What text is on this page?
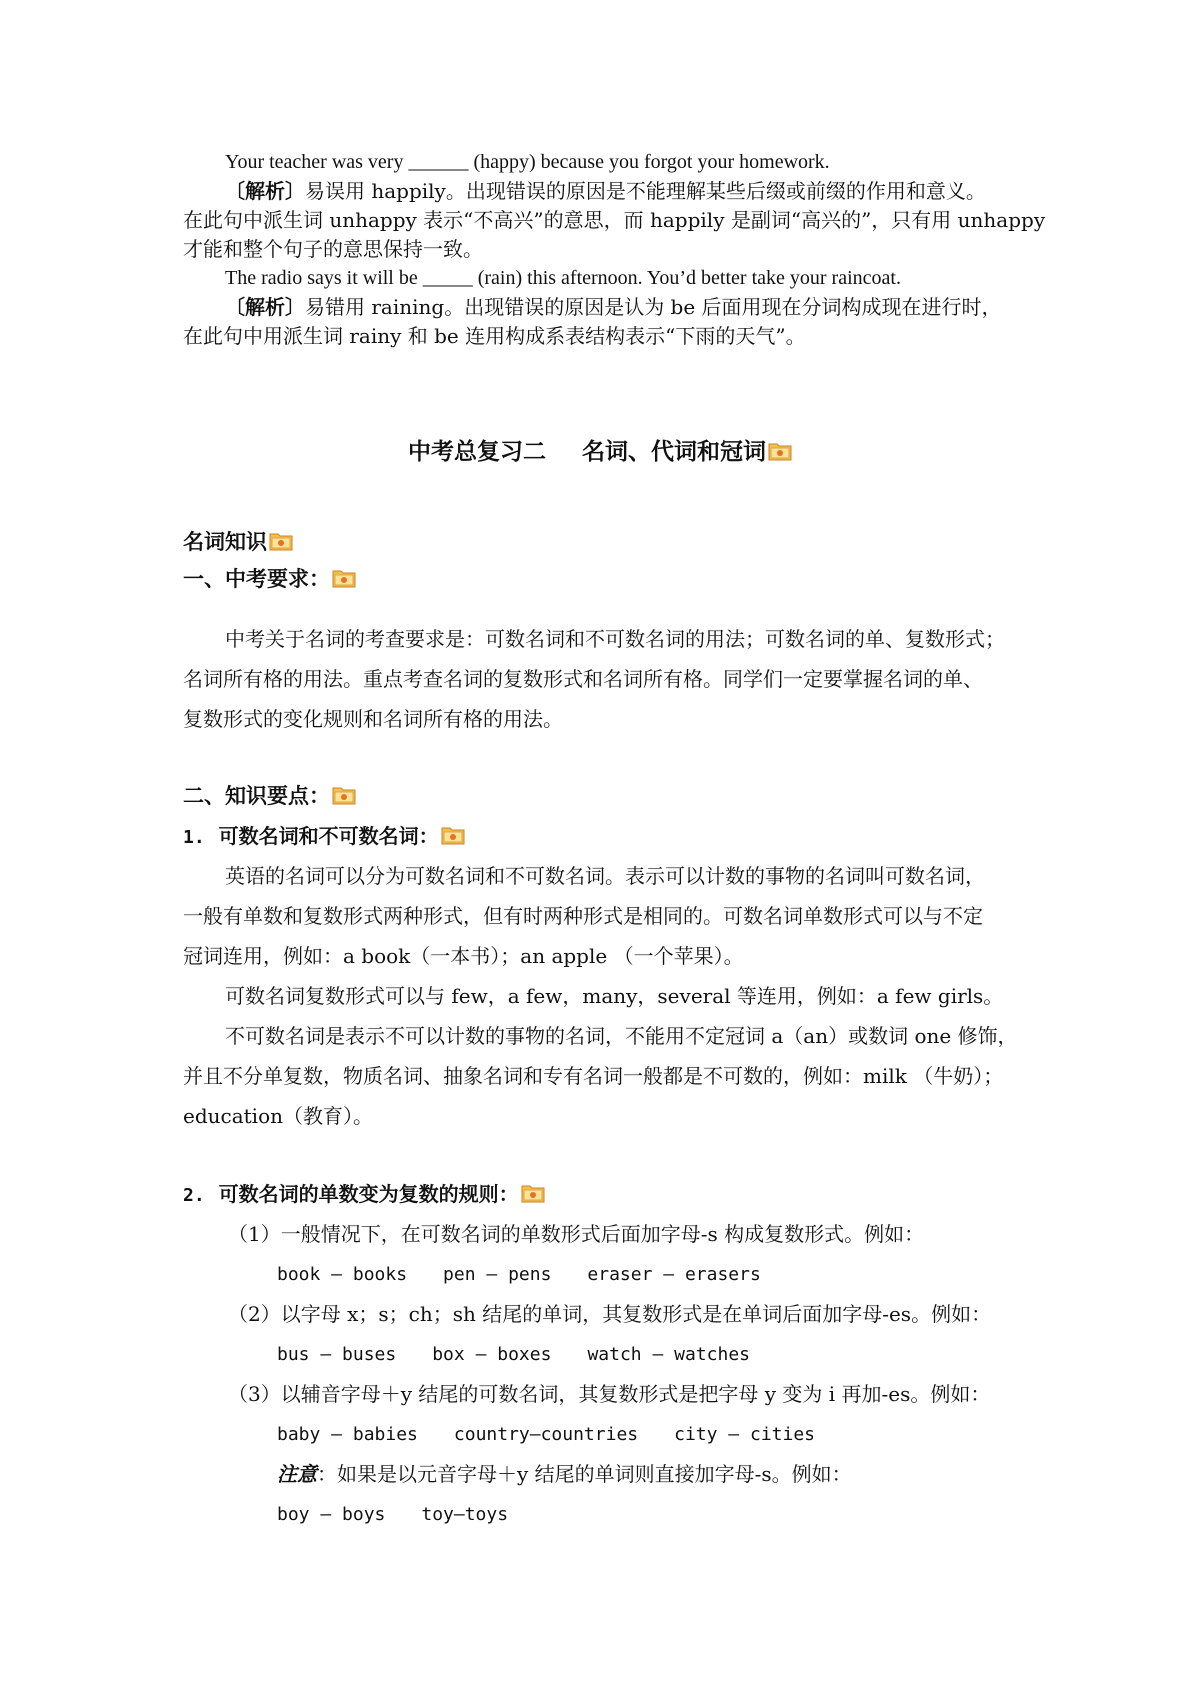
Your teacher was very ______ (happy) because you forgot your homework.
〔解析〕易误用 happily。出现错误的原因是不能理解某些后缀或前缀的作用和意义。
在此句中派生词 unhappy 表示“不高兴”的意思，而 happily 是副词“高兴的”，只有用 unhappy
才能和整个句子的意思保持一致。
The radio says it will be _____ (rain) this afternoon. You’d better take your raincoat.
〔解析〕易错用 raining。出现错误的原因是认为 be 后面用现在分词构成现在进行时，
在此句中用派生词 rainy 和 be 连用构成系表结构表示“下雨的天气”。
中考总复习二 名词、代词和冠词
名词知识
一、中考要求：
中考关于名词的考查要求是：可数名词和不可数名词的用法；可数名词的单、复数形式；
名词所有格的用法。重点考查名词的复数形式和名词所有格。同学们一定要掌握名词的单、
复数形式的变化规则和名词所有格的用法。
二、知识要点：
1. 可数名词和不可数名词：
英语的名词可以分为可数名词和不可数名词。表示可以计数的事物的名词叫可数名词，
一般有单数和复数形式两种形式，但有时两种形式是相同的。可数名词单数形式可以与不定
冠词连用，例如：a book（一本书）；an apple （一个苹果）。
可数名词复数形式可以与 few，a few，many，several 等连用，例如：a few girls。
不可数名词是表示不可以计数的事物的名词，不能用不定冠词 a（an）或数词 one 修饰，
并且不分单复数，物质名词、抽象名词和专有名词一般都是不可数的，例如：milk （牛奶）；
education（教育）。
2. 可数名词的单数变为复数的规则：
（1）一般情况下，在可数名词的单数形式后面加字母-s 构成复数形式。例如：
book — books pen — pens eraser — erasers
（2）以字母 x；s；ch；sh 结尾的单词，其复数形式是在单词后面加字母-es。例如：
bus — buses box — boxes watch — watches
（3）以辅音字母＋y 结尾的可数名词，其复数形式是把字母 y 变为 i 再加-es。例如：
baby — babies country—countries city — cities
注意：如果是以元音字母＋y 结尾的单词则直接加字母-s。例如：
boy — boys toy—toys
